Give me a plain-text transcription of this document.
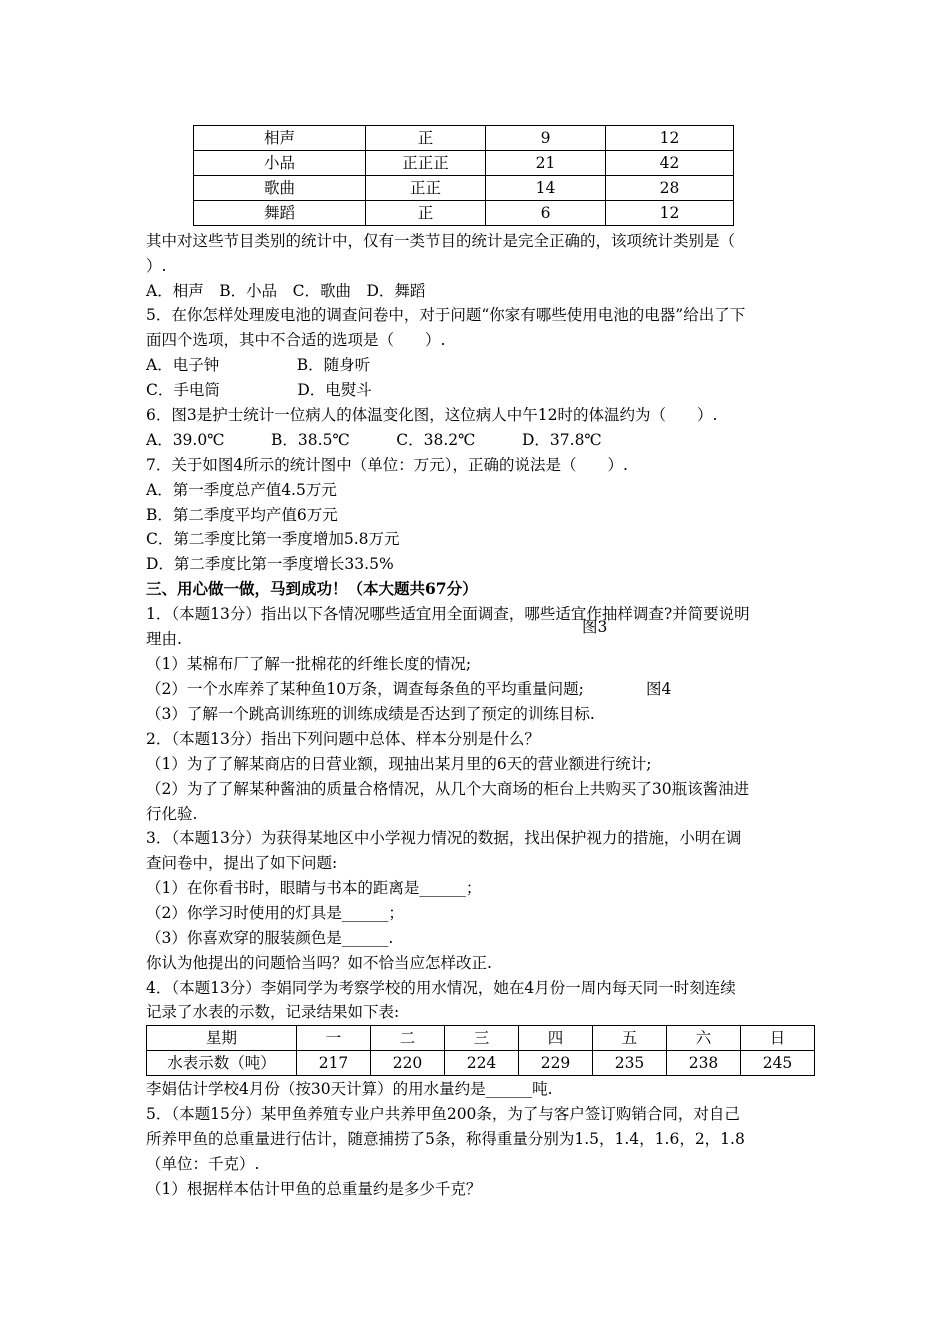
相声	正	9	12
小品	正正正	21	42
歌曲	正正	14	28
舞蹈	正	6	12
其中对这些节目类别的统计中，仅有一类节目的统计是完全正确的，该项统计类别是（
）.
A．相声　B．小品　C．歌曲　D．舞蹈
5．在你怎样处理废电池的调查问卷中，对于问题“你家有哪些使用电池的电器”给出了下
面四个选项，其中不合适的选项是（　　）.
A．电子钟　　　　　B．随身听
C．手电筒　　　　　D．电熨斗
6．图3是护士统计一位病人的体温变化图，这位病人中午12时的体温约为（　　）.
A．39.0℃　　　B．38.5℃　　　C．38.2℃　　　D．37.8℃
7．关于如图4所示的统计图中（单位：万元），正确的说法是（　　）.
A．第一季度总产值4.5万元
B．第二季度平均产值6万元
C．第二季度比第一季度增加5.8万元
D．第二季度比第一季度增长33.5%
三、用心做一做，马到成功！（本大题共67分）
1．（本题13分）指出以下各情况哪些适宜用全面调查，哪些适宜作抽样调查?并简要说明
理由.
（1）某棉布厂了解一批棉花的纤维长度的情况;
（2）一个水库养了某种鱼10万条，调查每条鱼的平均重量问题;
（3）了解一个跳高训练班的训练成绩是否达到了预定的训练目标.
2．（本题13分）指出下列问题中总体、样本分别是什么？
（1）为了了解某商店的日营业额，现抽出某月里的6天的营业额进行统计;
（2）为了了解某种酱油的质量合格情况，从几个大商场的柜台上共购买了30瓶该酱油进
行化验.
3．（本题13分）为获得某地区中小学视力情况的数据，找出保护视力的措施，小明在调
查问卷中，提出了如下问题:
（1）在你看书时，眼睛与书本的距离是______；
（2）你学习时使用的灯具是______；
（3）你喜欢穿的服装颜色是______.
你认为他提出的问题恰当吗？如不恰当应怎样改正.
4．（本题13分）李娟同学为考察学校的用水情况，她在4月份一周内每天同一时刻连续
记录了水表的示数，记录结果如下表:
图3
图4
星期	一	二	三	四	五	六	日
水表示数（吨）	217	220	224	229	235	238	245
李娟估计学校4月份（按30天计算）的用水量约是______吨.
5．（本题15分）某甲鱼养殖专业户共养甲鱼200条，为了与客户签订购销合同，对自己
所养甲鱼的总重量进行估计，随意捕捞了5条，称得重量分别为1.5，1.4，1.6，2，1.8
（单位：千克）.
（1）根据样本估计甲鱼的总重量约是多少千克？
